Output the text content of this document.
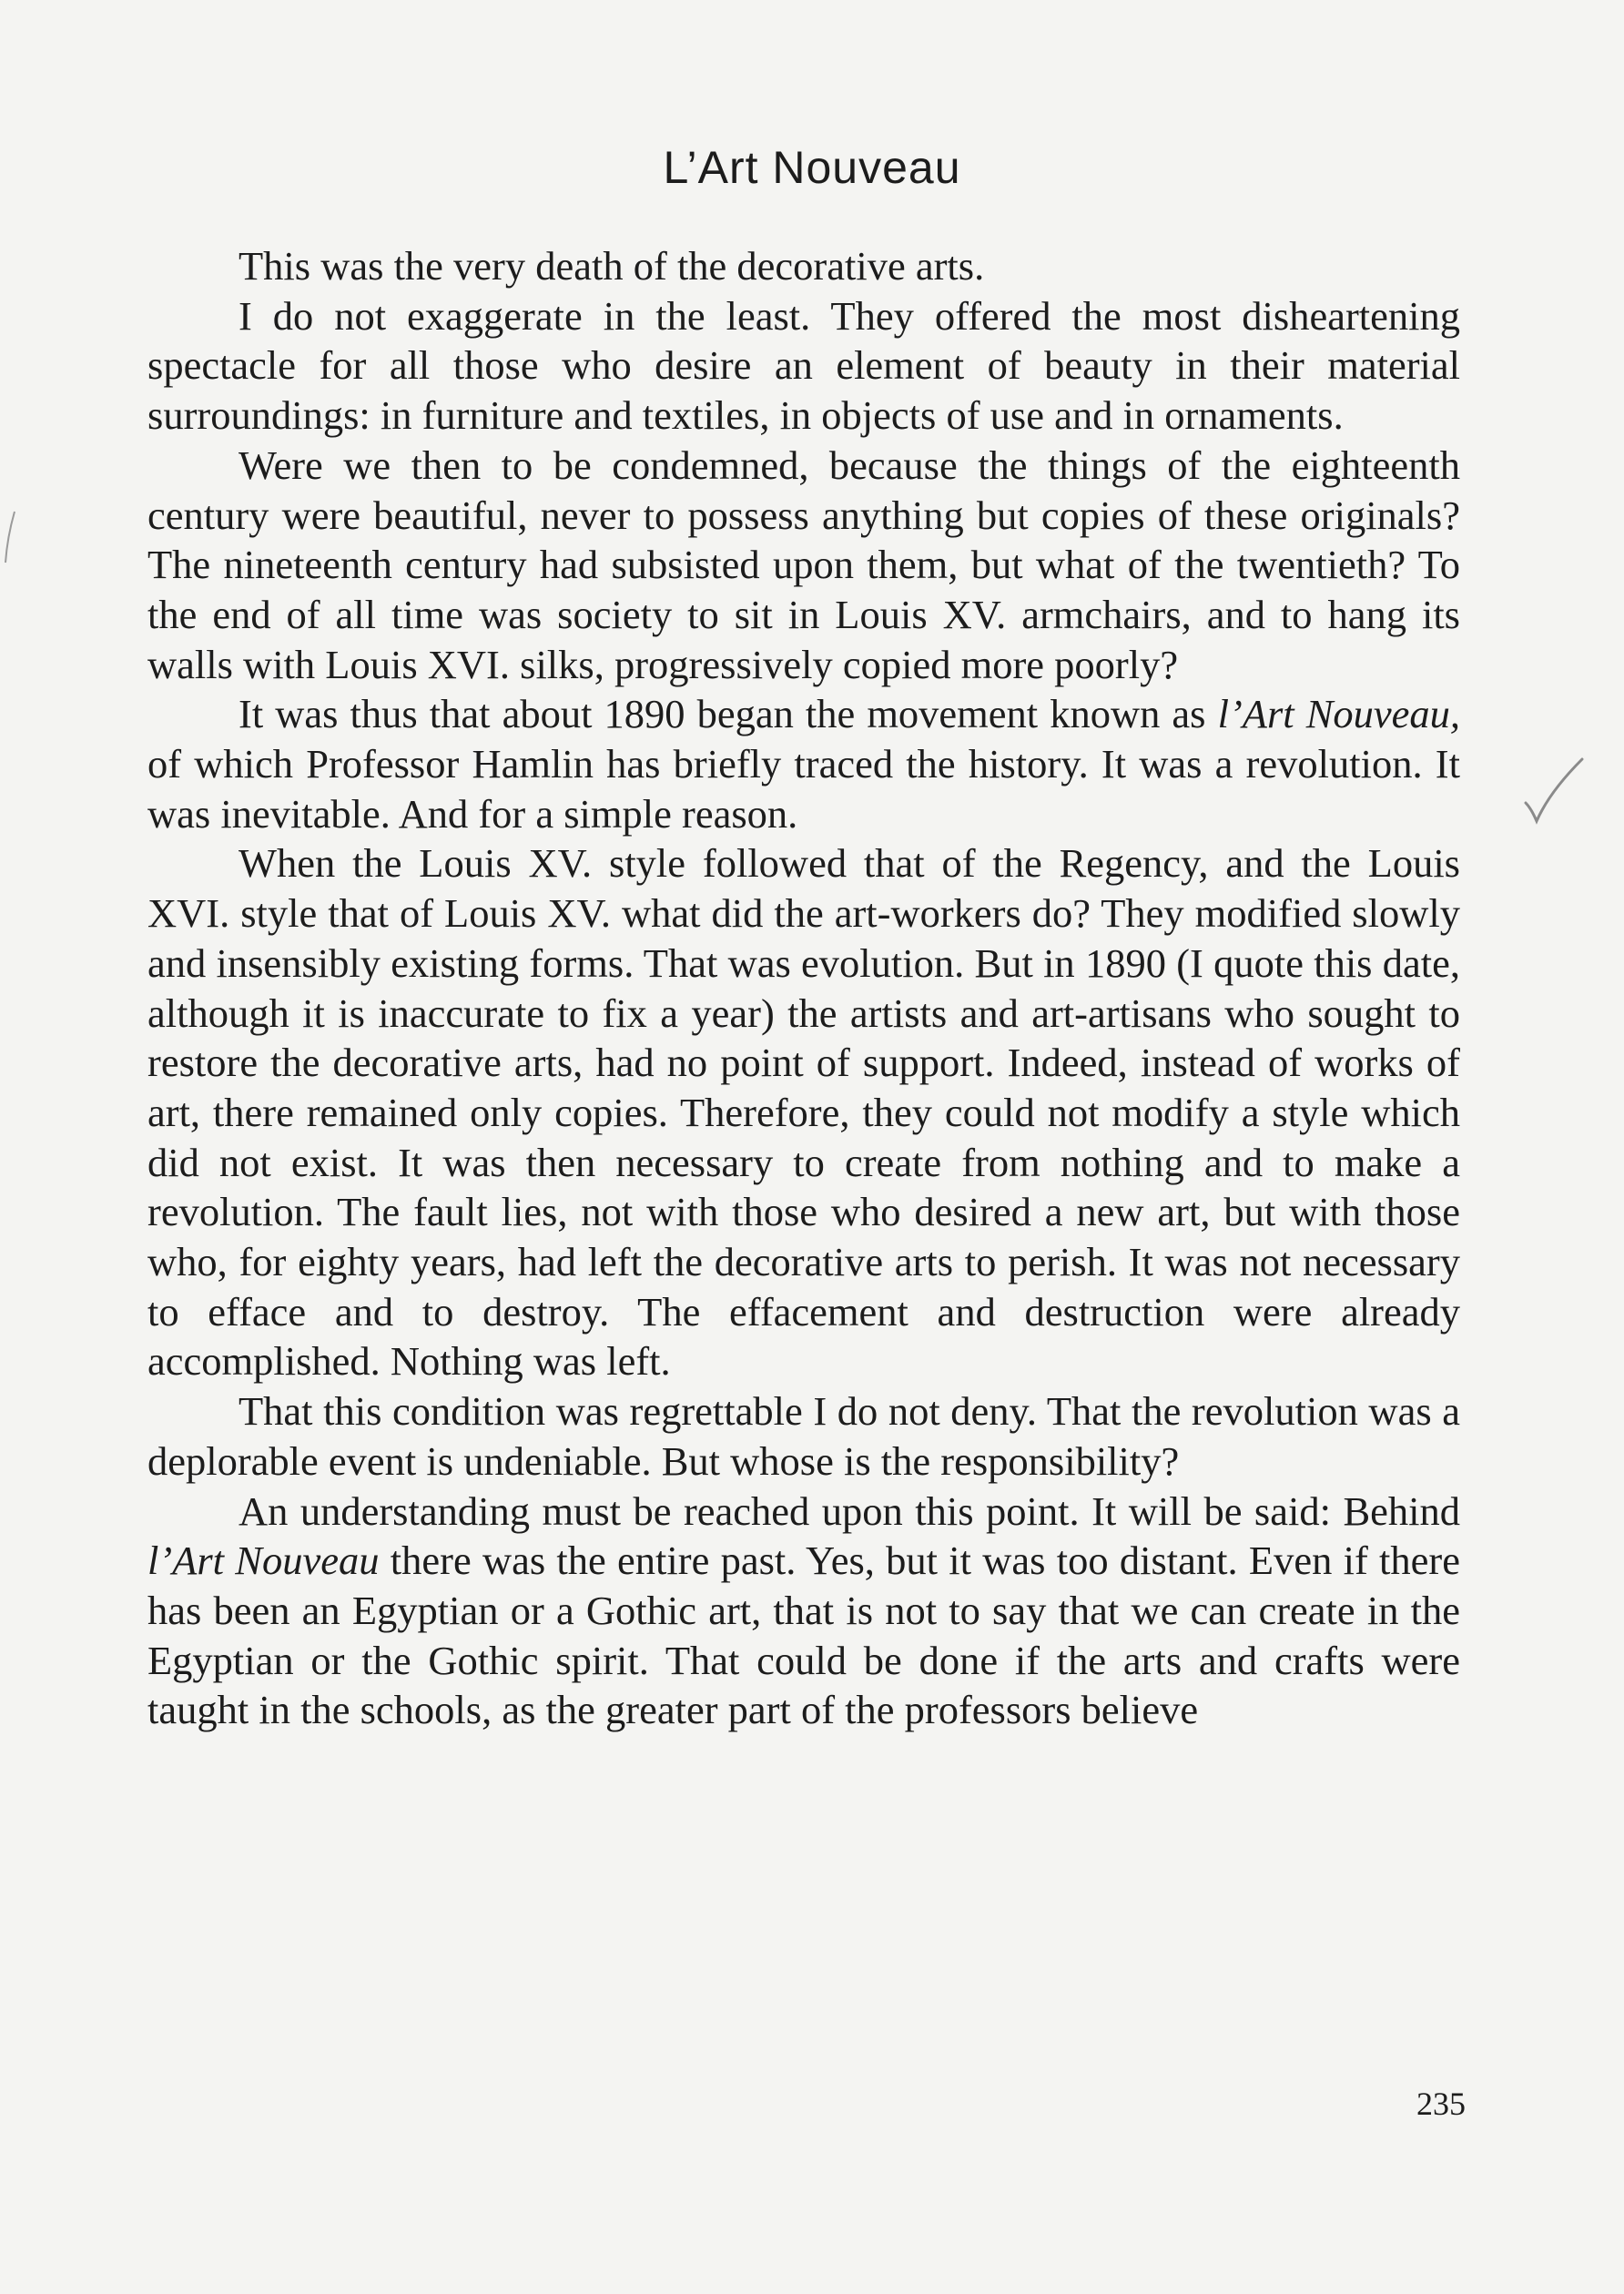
L’Art Nouveau

This was the very death of the decorative arts.

I do not exaggerate in the least. They offered the most disheartening spectacle for all those who desire an element of beauty in their material surroundings: in furniture and textiles, in objects of use and in ornaments.

Were we then to be condemned, because the things of the eighteenth century were beautiful, never to possess anything but copies of these originals? The nineteenth century had subsisted upon them, but what of the twentieth? To the end of all time was society to sit in Louis XV. armchairs, and to hang its walls with Louis XVI. silks, progressively copied more poorly?

It was thus that about 1890 began the movement known as l’Art Nouveau, of which Professor Hamlin has briefly traced the history. It was a revolution. It was inevitable. And for a simple reason.

When the Louis XV. style followed that of the Regency, and the Louis XVI. style that of Louis XV. what did the art-workers do? They modified slowly and insensibly existing forms. That was evolution. But in 1890 (I quote this date, although it is inaccurate to fix a year) the artists and art-artisans who sought to restore the decorative arts, had no point of support. Indeed, instead of works of art, there remained only copies. Therefore, they could not modify a style which did not exist. It was then necessary to create from nothing and to make a revolution. The fault lies, not with those who desired a new art, but with those who, for eighty years, had left the decorative arts to perish. It was not necessary to efface and to destroy. The effacement and destruction were already accomplished. Nothing was left.

That this condition was regrettable I do not deny. That the revolution was a deplorable event is undeniable. But whose is the responsibility?

An understanding must be reached upon this point. It will be said: Behind l’Art Nouveau there was the entire past. Yes, but it was too distant. Even if there has been an Egyptian or a Gothic art, that is not to say that we can create in the Egyptian or the Gothic spirit. That could be done if the arts and crafts were taught in the schools, as the greater part of the professors believe

235
